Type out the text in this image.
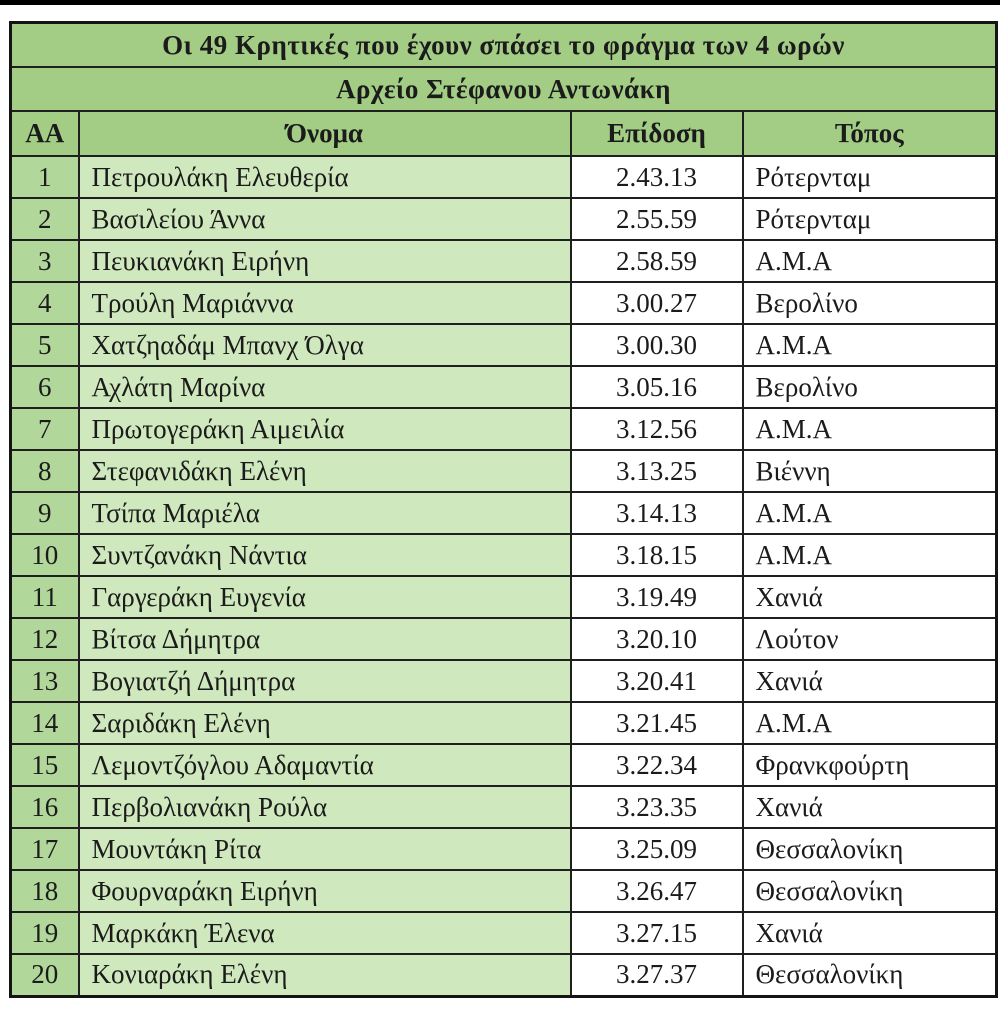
Οι 49 Κρητικές που έχουν σπάσει το φράγμα των 4 ωρών			
Αρχείο Στέφανου Αντωνάκη			
ΑΑ	Όνομα	Επίδοση	Τόπος
1	Πετρουλάκη Ελευθερία	2.43.13	Ρότερνταμ
2	Βασιλείου Άννα	2.55.59	Ρότερνταμ
3	Πευκιανάκη Ειρήνη	2.58.59	Α.Μ.Α
4	Τρούλη Μαριάννα	3.00.27	Βερολίνο
5	Χατζηαδάμ Μπανχ Όλγα	3.00.30	Α.Μ.Α
6	Αχλάτη Μαρίνα	3.05.16	Βερολίνο
7	Πρωτογεράκη Αιμειλία	3.12.56	Α.Μ.Α
8	Στεφανιδάκη Ελένη	3.13.25	Βιέννη
9	Τσίπα Μαριέλα	3.14.13	Α.Μ.Α
10	Συντζανάκη Νάντια	3.18.15	Α.Μ.Α
11	Γαργεράκη Ευγενία	3.19.49	Χανιά
12	Βίτσα Δήμητρα	3.20.10	Λούτον
13	Βογιατζή Δήμητρα	3.20.41	Χανιά
14	Σαριδάκη Ελένη	3.21.45	Α.Μ.Α
15	Λεμοντζόγλου Αδαμαντία	3.22.34	Φρανκφούρτη
16	Περβολιανάκη Ρούλα	3.23.35	Χανιά
17	Μουντάκη Ρίτα	3.25.09	Θεσσαλονίκη
18	Φουρναράκη Ειρήνη	3.26.47	Θεσσαλονίκη
19	Μαρκάκη Έλενα	3.27.15	Χανιά
20	Κονιαράκη Ελένη	3.27.37	Θεσσαλονίκη
